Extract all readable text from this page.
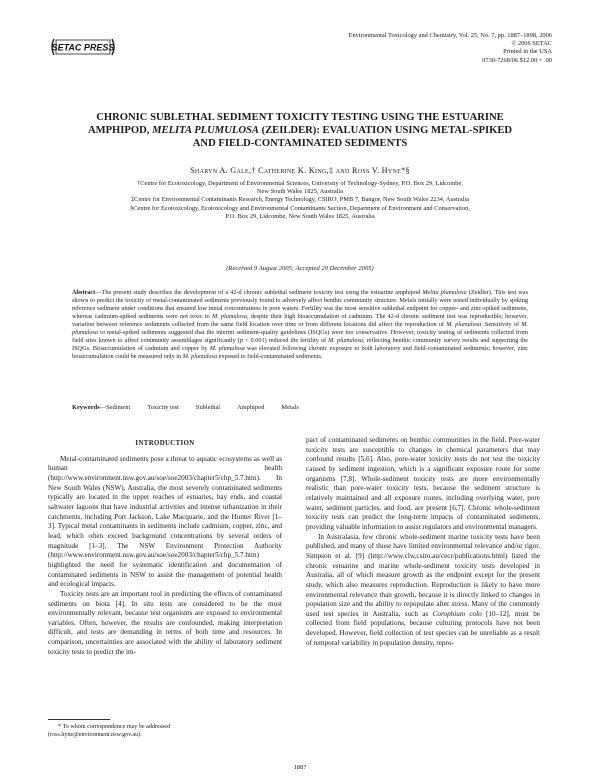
SETAC PRESS
Environmental Toxicology and Chemistry, Vol. 25, No. 7, pp. 1887–1898, 2006
© 2006 SETAC
Printed in the USA
0730-7268/06 $12.00 + .00
CHRONIC SUBLETHAL SEDIMENT TOXICITY TESTING USING THE ESTUARINE
AMPHIPOD, MELITA PLUMULOSA (ZEILDER): EVALUATION USING METAL-SPIKED
AND FIELD-CONTAMINATED SEDIMENTS
Sharyn A. Gale,† Catherine K. King,‡ and Ross V. Hyne*§
†Centre for Ecotoxicology, Department of Environmental Sciences, University of Technology-Sydney, P.O. Box 29, Lidcombe,
New South Wales 1825, Australia
‡Centre for Environmental Contaminants Research, Energy Technology, CSIRO, PMB 7, Bangor, New South Wales 2234, Australia
§Centre for Ecotoxicology, Ecotoxicology and Environmental Contaminants Section, Department of Environment and Conservation,
P.O. Box 29, Lidcombe, New South Wales 1825, Australia
(Received 9 August 2005; Accepted 20 December 2005)
Abstract—The present study describes the development of a 42-d chronic sublethal sediment toxicity test using the estuarine amphipod Melita plumulosa (Zeidler). This test was shown to predict the toxicity of metal-contaminated sediments previously found to adversely affect benthic community structure. Metals initially were tested individually by spiking reference sediment under conditions that ensured low metal concentrations in pore waters. Fertility was the most sensitive sublethal endpoint for copper- and zinc-spiked sediments, whereas cadmium-spiked sediments were not toxic to M. plumulosa, despite their high bioaccumulation of cadmium. The 42-d chronic sediment test was reproducible; however, variation between reference sediments collected from the same field location over time or from different locations did affect the reproduction of M. plumulosa. Sensitivity of M. plumulosa to metal-spiked sediments suggested that the interim sediment-quality guidelines (ISQGs) were too conservative. However, toxicity testing of sediments collected from field sites known to affect community assemblages significantly (p < 0.001) reduced the fertility of M. plumulosa, reflecting benthic community survey results and supporting the ISQGs. Bioaccumulation of cadmium and copper by M. plumulosa was elevated following chronic exposure to both laboratory and field-contaminated sediments; however, zinc bioaccumulation could be measured only in M. plumulosa exposed to field-contaminated sediments.
Keywords—Sediment	Toxicity test	Sublethal	Amphipod	Metals
INTRODUCTION

Metal-contaminated sediments pose a threat to aquatic ecosystems as well as human health (http://www.environment.nsw.gov.au/soe/soe2003/chapter5/chp_5.7.htm). In New South Wales (NSW), Australia, the most severely contaminated sediments typically are located in the upper reaches of estuaries, bay ends, and coastal saltwater lagoons that have industrial activities and intense urbanization in their catchments, including Port Jackson, Lake Macquarie, and the Hunter River [1–3]. Typical metal contaminants in sediments include cadmium, copper, zinc, and lead, which often exceed background concentrations by several orders of magnitude [1–3]. The NSW Environment Protection Authority (http://www.environment.nsw.gov.au/soe/soe2003/chapter5/chp_5.7.htm) highlighted the need for systematic identification and documentation of contaminated sediments in NSW to assist the management of potential health and ecological impacts.

Toxicity tests are an important tool in predicting the effects of contaminated sediments on biota [4]. In situ tests are considered to be the most environmentally relevant, because test organisms are exposed to environmental variables. Often, however, the results are confounded, making interpretation difficult, and tests are demanding in terms of both time and resources. In comparison, uncertainties are associated with the ability of laboratory sediment toxicity tests to predict the im-

pact of contaminated sediments on benthic communities in the field. Pore-water toxicity tests are susceptible to changes in chemical parameters that may confound results [5,6]. Also, pore-water toxicity tests do not test the toxicity caused by sediment ingestion, which is a significant exposure route for some organisms [7,8]. Whole-sediment toxicity tests are more environmentally realistic than pore-water toxicity tests, because the sediment structure is relatively maintained and all exposure routes, including overlying water, pore water, sediment particles, and food, are present [6,7]. Chronic whole-sediment toxicity tests can predict the long-term impacts of contaminated sediments, providing valuable information to assist regulators and environmental managers.

In Australasia, few chronic whole-sediment marine toxicity tests have been published, and many of those have limited environmental relevance and/or rigor. Simpson et al. [9] (http://www.clw.csiro.au/cecr/publications.html) listed the chronic estuarine and marine whole-sediment toxicity tests developed in Australia, all of which measure growth as the endpoint except for the present study, which also measures reproduction. Reproduction is likely to have more environmental relevance than growth, because it is directly linked to changes in population size and the ability to repopulate after stress. Many of the commonly used test species in Australia, such as Corophium colo [10–12], must be collected from field populations, because culturing protocols have not been developed. However, field collection of test species can be unreliable as a result of temporal variability in population density, repro-

* To whom correspondence may be addressed
(ross.hyne@environment.nsw.gov.au).
1887
